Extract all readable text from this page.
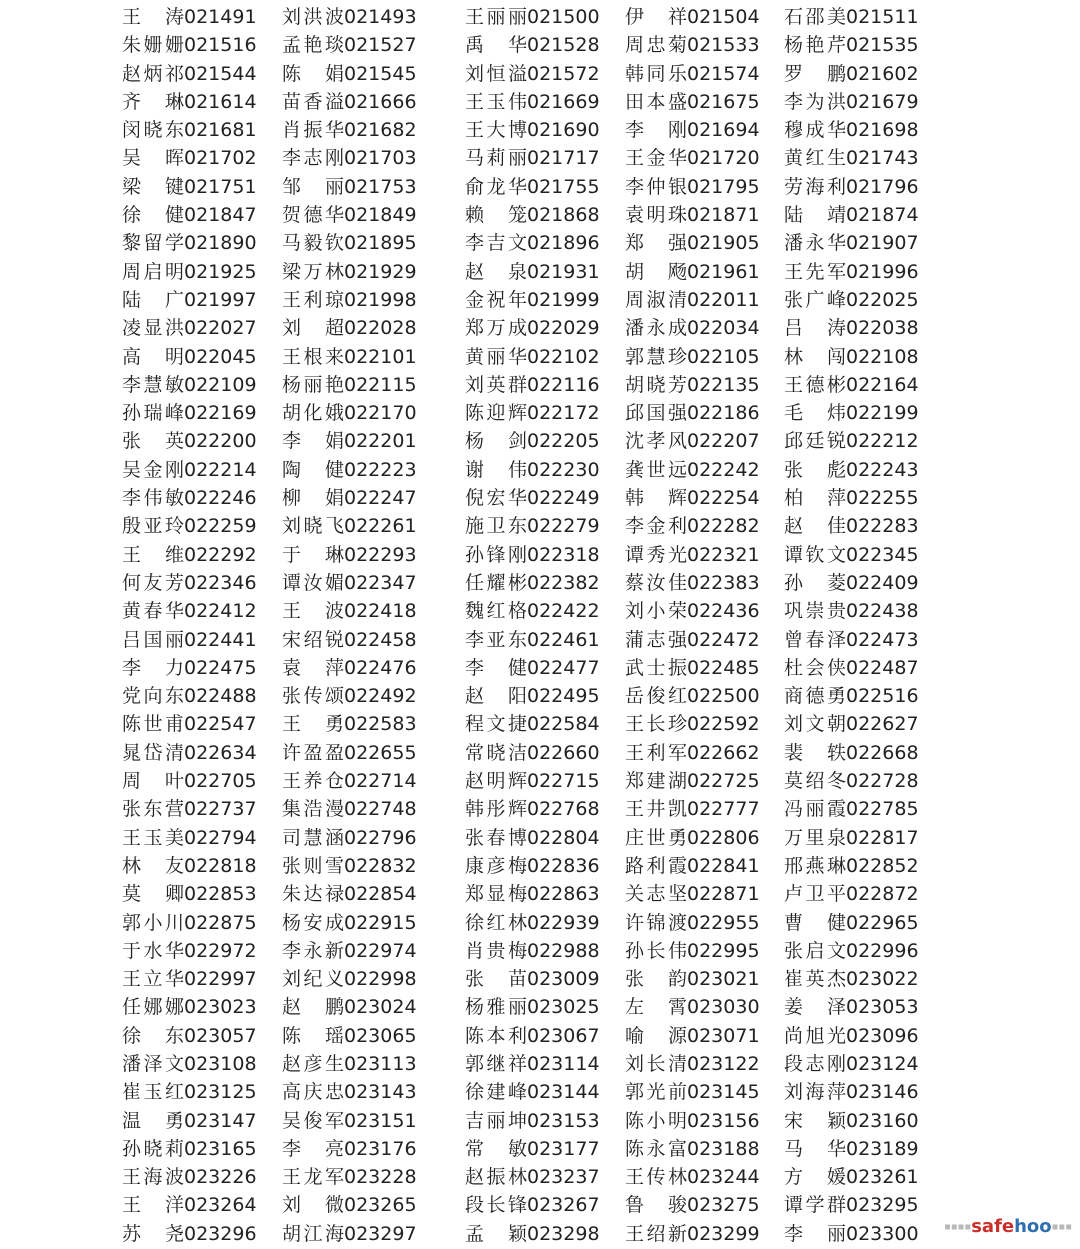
王　涛021491 刘洪波021493	王丽丽021500 伊　祥021504 石邵美021511
朱姗姗021516 孟艳琰021527	禹　华021528 周忠菊021533 杨艳芹021535
赵炳祁021544 陈　娟021545	刘恒溢021572 韩同乐021574 罗　鹏021602
齐　琳021614 苗香溢021666	王玉伟021669 田本盛021675 李为洪021679
闵晓东021681 肖振华021682	王大博021690 李　刚021694 穆成华021698
吴　晖021702 李志刚021703	马莉丽021717 王金华021720 黄红生021743
梁　键021751 邹　丽021753	俞龙华021755 李仲银021795 劳海利021796
徐　健021847 贺德华021849	赖　笼021868 袁明珠021871 陆　靖021874
黎留学021890 马毅钦021895	李吉文021896 郑　强021905 潘永华021907
周启明021925 梁万林021929	赵　泉021931 胡　飏021961 王先军021996
陆　广021997 王利琼021998	金祝年021999 周淑清022011 张广峰022025
凌显洪022027 刘　超022028	郑万成022029 潘永成022034 吕　涛022038
高　明022045 王根来022101	黄丽华022102 郭慧珍022105 林　闯022108
李慧敏022109 杨丽艳022115	刘英群022116 胡晓芳022135 王德彬022164
孙瑞峰022169 胡化娥022170	陈迎辉022172 邱国强022186 毛　炜022199
张　英022200 李　娟022201	杨　剑022205 沈孝风022207 邱廷锐022212
吴金刚022214 陶　健022223	谢　伟022230 龚世远022242 张　彪022243
李伟敏022246 柳　娟022247	倪宏华022249 韩　辉022254 柏　萍022255
殷亚玲022259 刘晓飞022261	施卫东022279 李金利022282 赵　佳022283
王　维022292 于　琳022293	孙锋刚022318 谭秀光022321 谭钦文022345
何友芳022346 谭汝媚022347	任耀彬022382 蔡汝佳022383 孙　菱022409
黄春华022412 王　波022418	魏红格022422 刘小荣022436 巩崇贵022438
吕国丽022441 宋绍锐022458	李亚东022461 蒲志强022472 曾春泽022473
李　力022475 袁　萍022476	李　健022477 武士振022485 杜会侠022487
党向东022488 张传颂022492	赵　阳022495 岳俊红022500 商德勇022516
陈世甫022547 王　勇022583	程文捷022584 王长珍022592 刘文朝022627
晁岱清022634 许盈盈022655	常晓洁022660 王利军022662 裴　轶022668
周　叶022705 王养仓022714	赵明辉022715 郑建湖022725 莫绍冬022728
张东营022737 集浩漫022748	韩彤辉022768 王井凯022777 冯丽霞022785
王玉美022794 司慧涵022796	张春博022804 庄世勇022806 万里泉022817
林　友022818 张则雪022832	康彦梅022836 路利霞022841 邢燕琳022852
莫　卿022853 朱达禄022854	郑显梅022863 关志坚022871 卢卫平022872
郭小川022875 杨安成022915	徐红林022939 许锦渡022955 曹　健022965
于水华022972 李永新022974	肖贵梅022988 孙长伟022995 张启文022996
王立华022997 刘纪义022998	张　苗023009 张　韵023021 崔英杰023022
任娜娜023023 赵　鹏023024	杨雅丽023025 左　霄023030 姜　泽023053
徐　东023057 陈　瑶023065	陈本利023067 喻　源023071 尚旭光023096
潘泽文023108 赵彦生023113	郭继祥023114 刘长清023122 段志刚023124
崔玉红023125 高庆忠023143	徐建峰023144 郭光前023145 刘海萍023146
温　勇023147 吴俊军023151	吉丽坤023153 陈小明023156 宋　颖023160
孙晓莉023165 李　亮023176	常　敏023177 陈永富023188 马　华023189
王海波023226 王龙军023228	赵振林023237 王传林023244 方　媛023261
王　洋023264 刘　微023265	段长锋023267 鲁　骏023275 谭学群023295
苏　尧023296 胡江海023297	孟　颖023298 王绍新023299 李　丽023300	▪▪▪▪safehoo▪▪▪
